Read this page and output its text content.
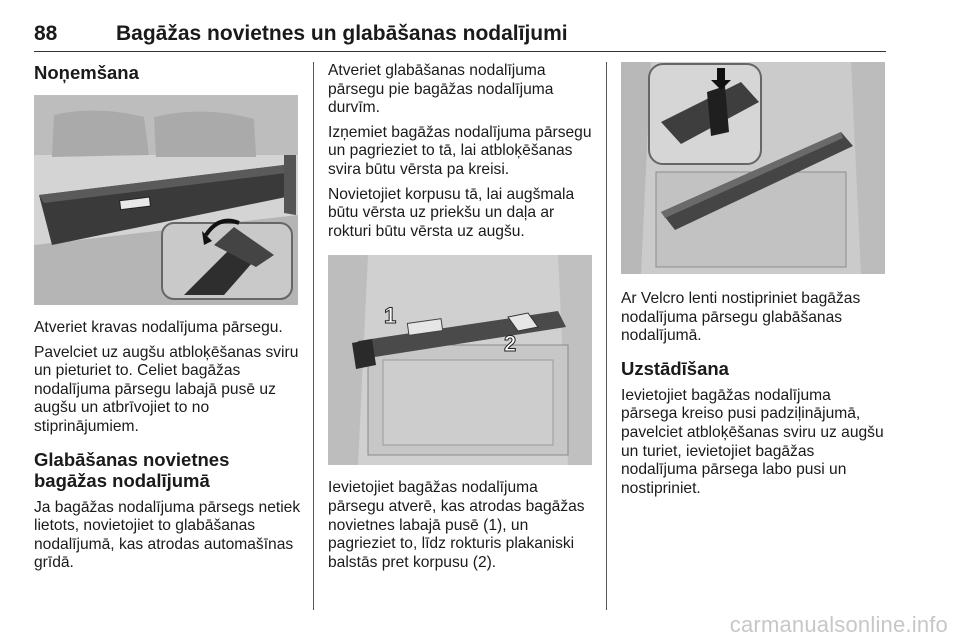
88	Bagāžas novietnes un glabāšanas nodalījumi
Noņemšana

Atveriet kravas nodalījuma pārsegu.

Pavelciet uz augšu atbloķēšanas sviru un pieturiet to. Celiet bagāžas nodalījuma pārsegu labajā pusē uz augšu un atbrīvojiet to no stiprinājumiem.

Glabāšanas novietnes bagāžas nodalījumā

Ja bagāžas nodalījuma pārsegs netiek lietots, novietojiet to glabāšanas nodalījumā, kas atrodas automašīnas grīdā.

Atveriet glabāšanas nodalījuma pārsegu pie bagāžas nodalījuma durvīm.

Izņemiet bagāžas nodalījuma pārsegu un pagrieziet to tā, lai atbloķēšanas svira būtu vērsta pa kreisi.

Novietojiet korpusu tā, lai augšmala būtu vērsta uz priekšu un daļa ar rokturi būtu vērsta uz augšu.

1
2

Ievietojiet bagāžas nodalījuma pārsegu atverē, kas atrodas bagāžas novietnes labajā pusē (1), un pagrieziet to, līdz rokturis plakaniski balstās pret korpusu (2).

Ar Velcro lenti nostipriniet bagāžas nodalījuma pārsegu glabāšanas nodalījumā.

Uzstādīšana

Ievietojiet bagāžas nodalījuma pārsega kreiso pusi padziļinājumā, pavelciet atbloķēšanas sviru uz augšu un turiet, ievietojiet bagāžas nodalījuma pārsega labo pusi un nostipriniet.

carmanualsonline.info
